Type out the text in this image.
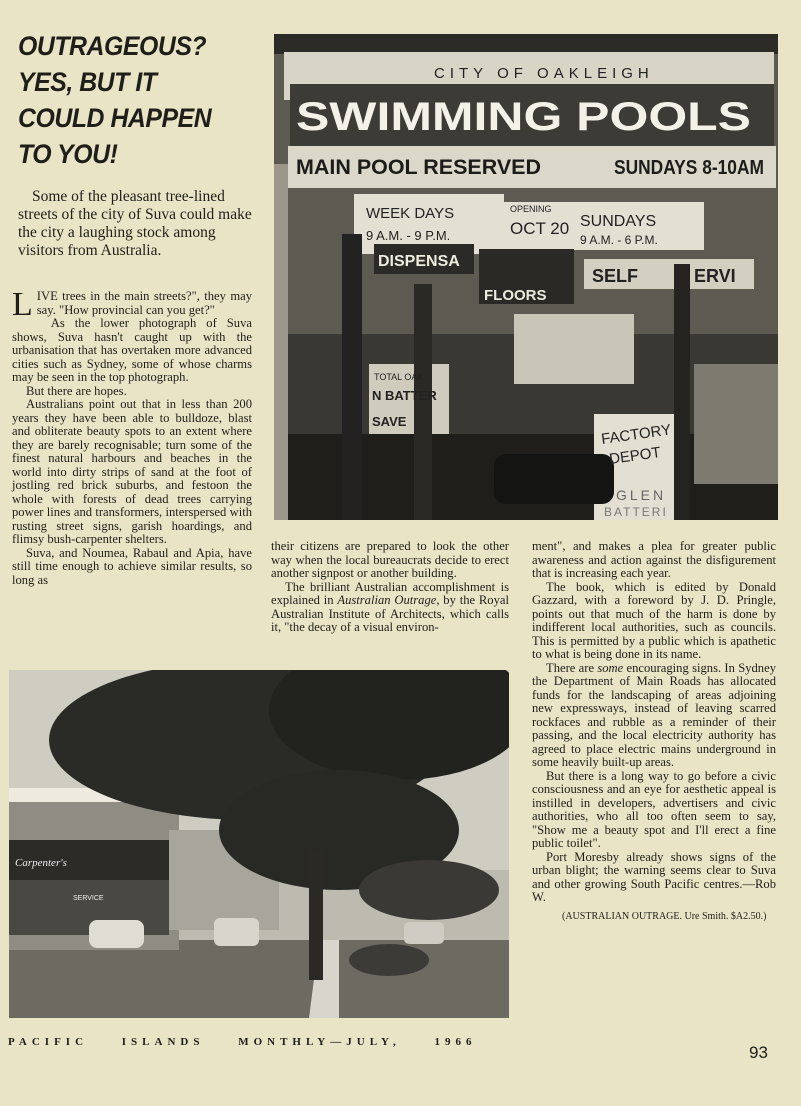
OUTRAGEOUS?
YES, BUT IT
COULD HAPPEN
TO YOU!
Some of the pleasant tree-lined streets of the city of Suva could make the city a laughing stock among visitors from Australia.
CITY OF OAKLEIGH
SWIMMING POOLS
MAIN POOL RESERVED	SUNDAYS 8-10AM
WEEK DAYS
9 A.M. - 9 P.M.
OPENING
OCT 20 SUNDAYS
9 A.M. - 6 P.M.
DISPENSA
FLOORS
SELF	ERVI
TOTAL OAK
N BATTER
SAVE	FACTORY
DEPOT
GLEN
BATTERI
Carpenter's
SERVICE

LIVE trees in the main streets?", they may say. "How provincial can you get?"

As the lower photograph of Suva shows, Suva hasn't caught up with the urbanisation that has overtaken more advanced cities such as Sydney, some of whose charms may be seen in the top photograph.

But there are hopes.

Australians point out that in less than 200 years they have been able to bulldoze, blast and obliterate beauty spots to an extent where they are barely recognisable; turn some of the finest natural harbours and beaches in the world into dirty strips of sand at the foot of jostling red brick suburbs, and festoon the whole with forests of dead trees carrying power lines and transformers, interspersed with rusting street signs, garish hoardings, and flimsy bush-carpenter shelters.

Suva, and Noumea, Rabaul and Apia, have still time enough to achieve similar results, so long as

their citizens are prepared to look the other way when the local bureaucrats decide to erect another signpost or another building.

The brilliant Australian accomplishment is explained in Australian Outrage, by the Royal Australian Institute of Architects, which calls it, "the decay of a visual environ-

ment", and makes a plea for greater public awareness and action against the disfigurement that is increasing each year.

The book, which is edited by Donald Gazzard, with a foreword by J. D. Pringle, points out that much of the harm is done by indifferent local authorities, such as councils. This is permitted by a public which is apathetic to what is being done in its name.

There are some encouraging signs. In Sydney the Department of Main Roads has allocated funds for the landscaping of areas adjoining new expressways, instead of leaving scarred rockfaces and rubble as a reminder of their passing, and the local electricity authority has agreed to place electric mains underground in some heavily built-up areas.

But there is a long way to go before a civic consciousness and an eye for aesthetic appeal is instilled in developers, advertisers and civic authorities, who all too often seem to say, "Show me a beauty spot and I'll erect a fine public toilet".

Port Moresby already shows signs of the urban blight; the warning seems clear to Suva and other growing South Pacific centres.—Rob W.

(AUSTRALIAN OUTRAGE. Ure Smith. $A2.50.)

PACIFIC	ISLANDS	MONTHLY—JULY,	1966
93
